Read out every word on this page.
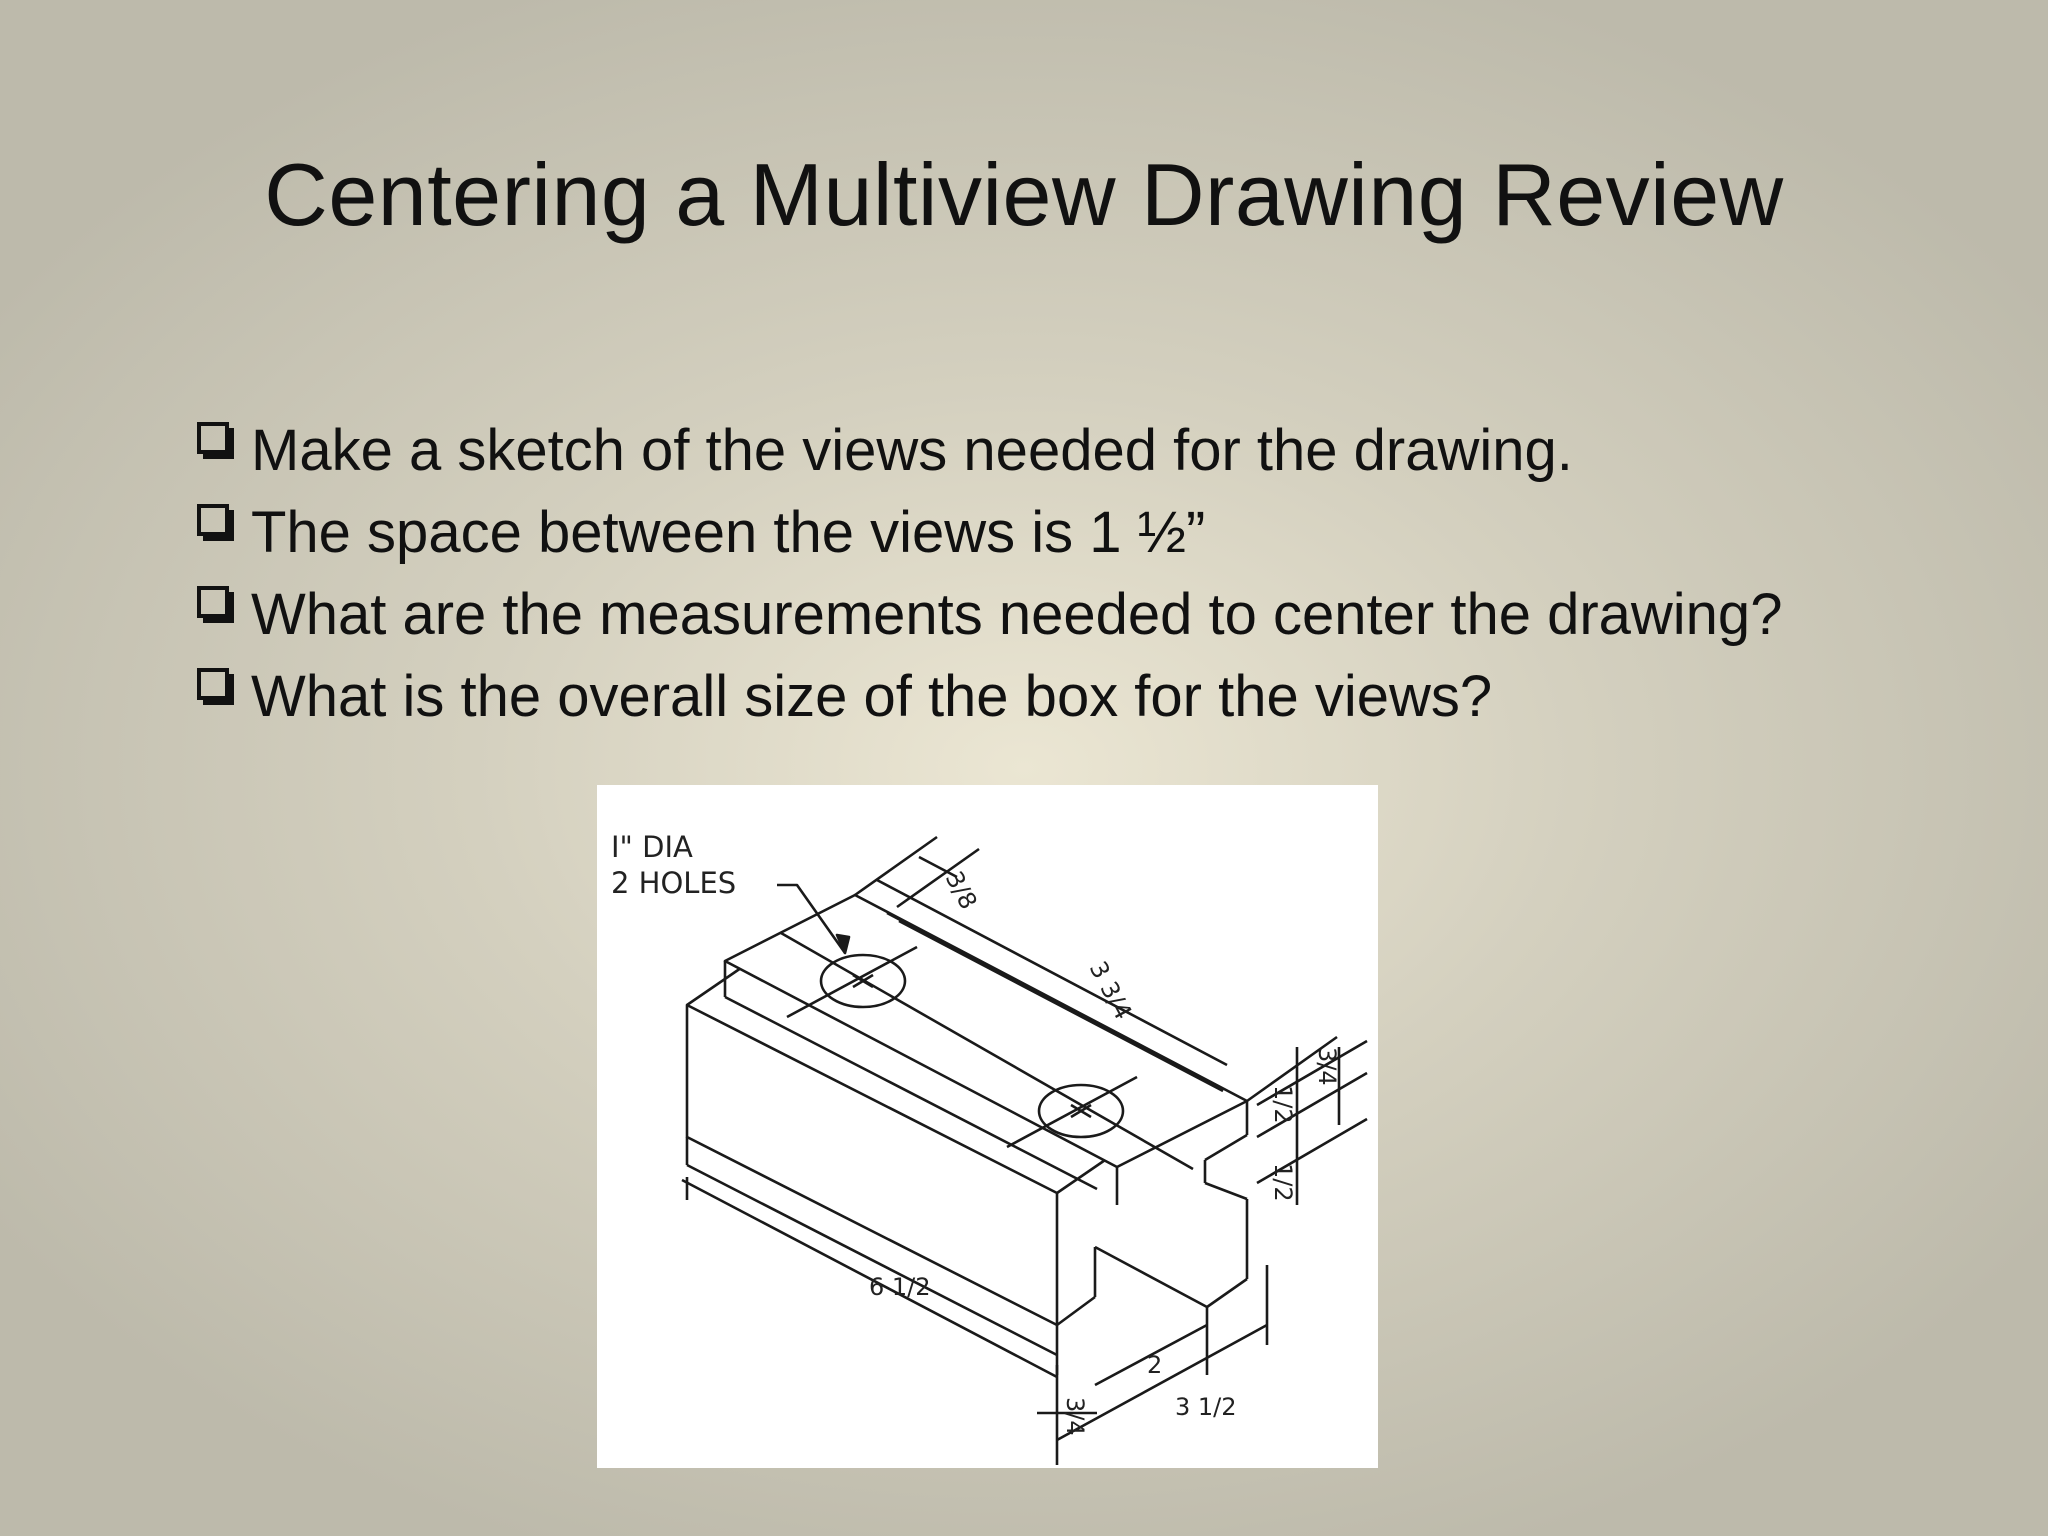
Centering a Multiview Drawing Review
Make a sketch of the views needed for the drawing.
The space between the views is 1 ½”
What are the measurements needed to center the drawing?
What is the overall size of the box for the views?
I" DIA
2 HOLES	3/8
3 3/4
6 1/2
3/4
2
3 1/2
1/2
1/2
3/4
